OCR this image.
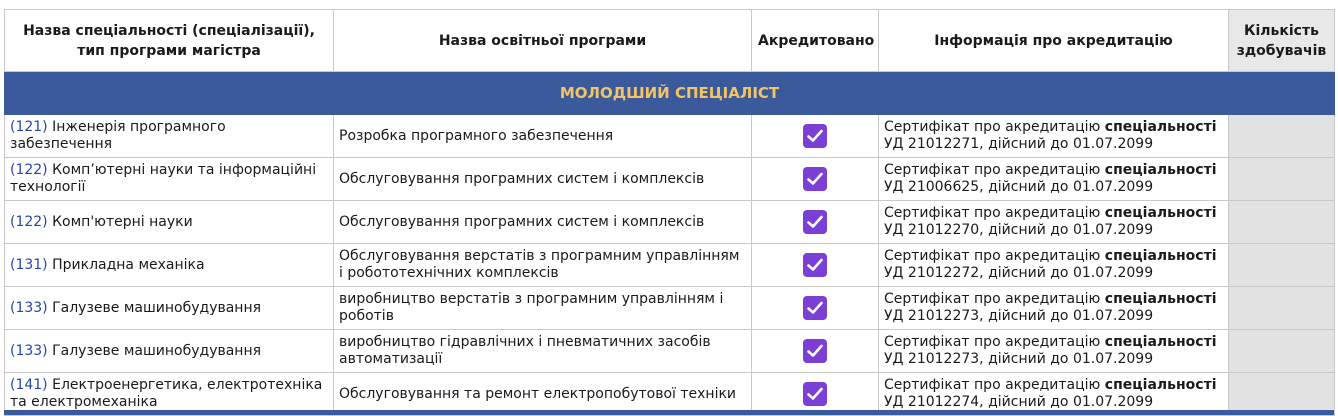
Назва спеціальності (спеціалізації), тип програми магістра	Назва освітньої програми	Акредитовано	Інформація про акредитацію	Кількість здобувачів
МОЛОДШИЙ СПЕЦІАЛІСТ				
(121) Інженерія програмного забезпечення	Розробка програмного забезпечення		Сертифікат про акредитацію спеціальності
УД 21012271, дійсний до 01.07.2099	
(122) Комп’ютерні науки та інформаційні технології	Обслуговування програмних систем і комплексів		Сертифікат про акредитацію спеціальності
УД 21006625, дійсний до 01.07.2099	
(122) Комп'ютерні науки	Обслуговування програмних систем і комплексів		Сертифікат про акредитацію спеціальності
УД 21012270, дійсний до 01.07.2099	
(131) Прикладна механіка	Обслуговування верстатів з програмним управлінням і робототехнічних комплексів		Сертифікат про акредитацію спеціальності
УД 21012272, дійсний до 01.07.2099	
(133) Галузеве машинобудування	виробництво верстатів з програмним управлінням і роботів		Сертифікат про акредитацію спеціальності
УД 21012273, дійсний до 01.07.2099	
(133) Галузеве машинобудування	виробництво гідравлічних і пневматичних засобів автоматизації		Сертифікат про акредитацію спеціальності
УД 21012273, дійсний до 01.07.2099	
(141) Електроенергетика, електротехніка та електромеханіка	Обслуговування та ремонт електропобутової техніки		Сертифікат про акредитацію спеціальності
УД 21012274, дійсний до 01.07.2099	
